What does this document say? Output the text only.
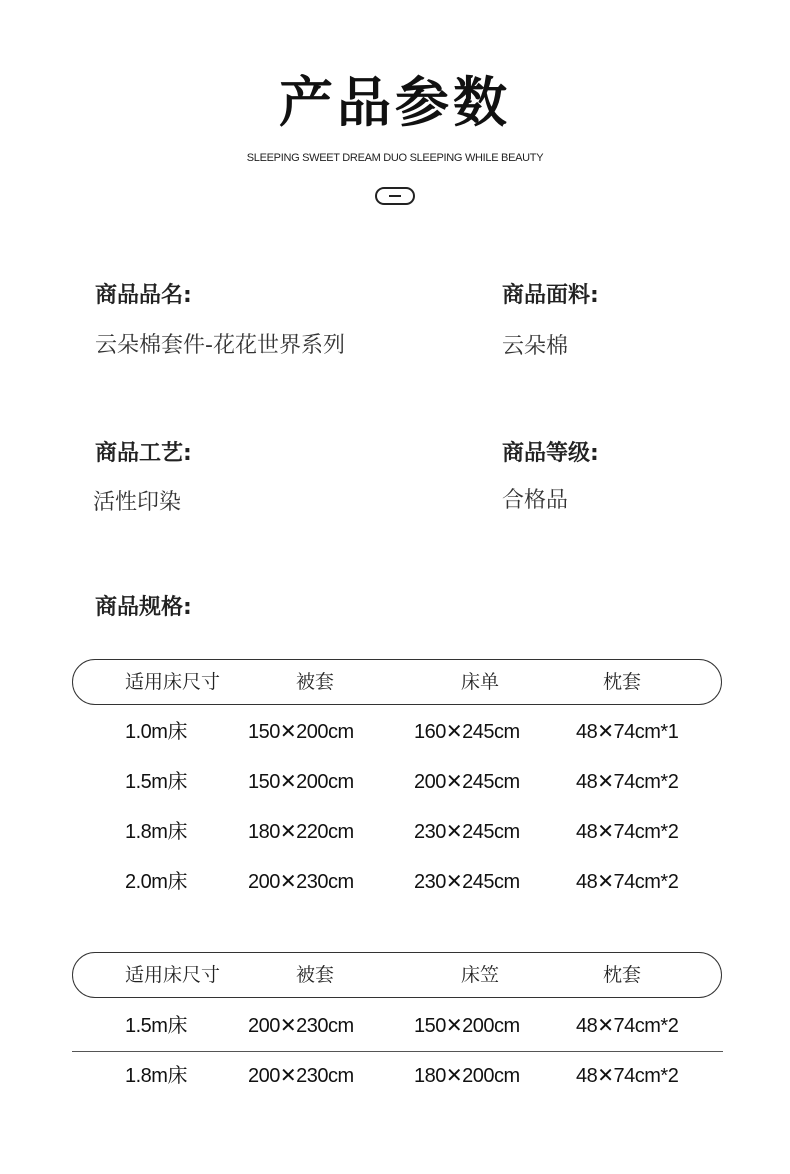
产品参数
SLEEPING SWEET DREAM DUO SLEEPING WHILE BEAUTY
商品品名:
云朵棉套件-花花世界系列
商品面料:
云朵棉
商品工艺:
活性印染
商品等级:
合格品
商品规格:
适用床尺寸	被套	床单	枕套
1.0m床	150✕200cm	160✕245cm	48✕74cm*1
1.5m床	150✕200cm	200✕245cm	48✕74cm*2
1.8m床	180✕220cm	230✕245cm	48✕74cm*2
2.0m床	200✕230cm	230✕245cm	48✕74cm*2
适用床尺寸	被套	床笠	枕套
1.5m床	200✕230cm	150✕200cm	48✕74cm*2
1.8m床	200✕230cm	180✕200cm	48✕74cm*2
